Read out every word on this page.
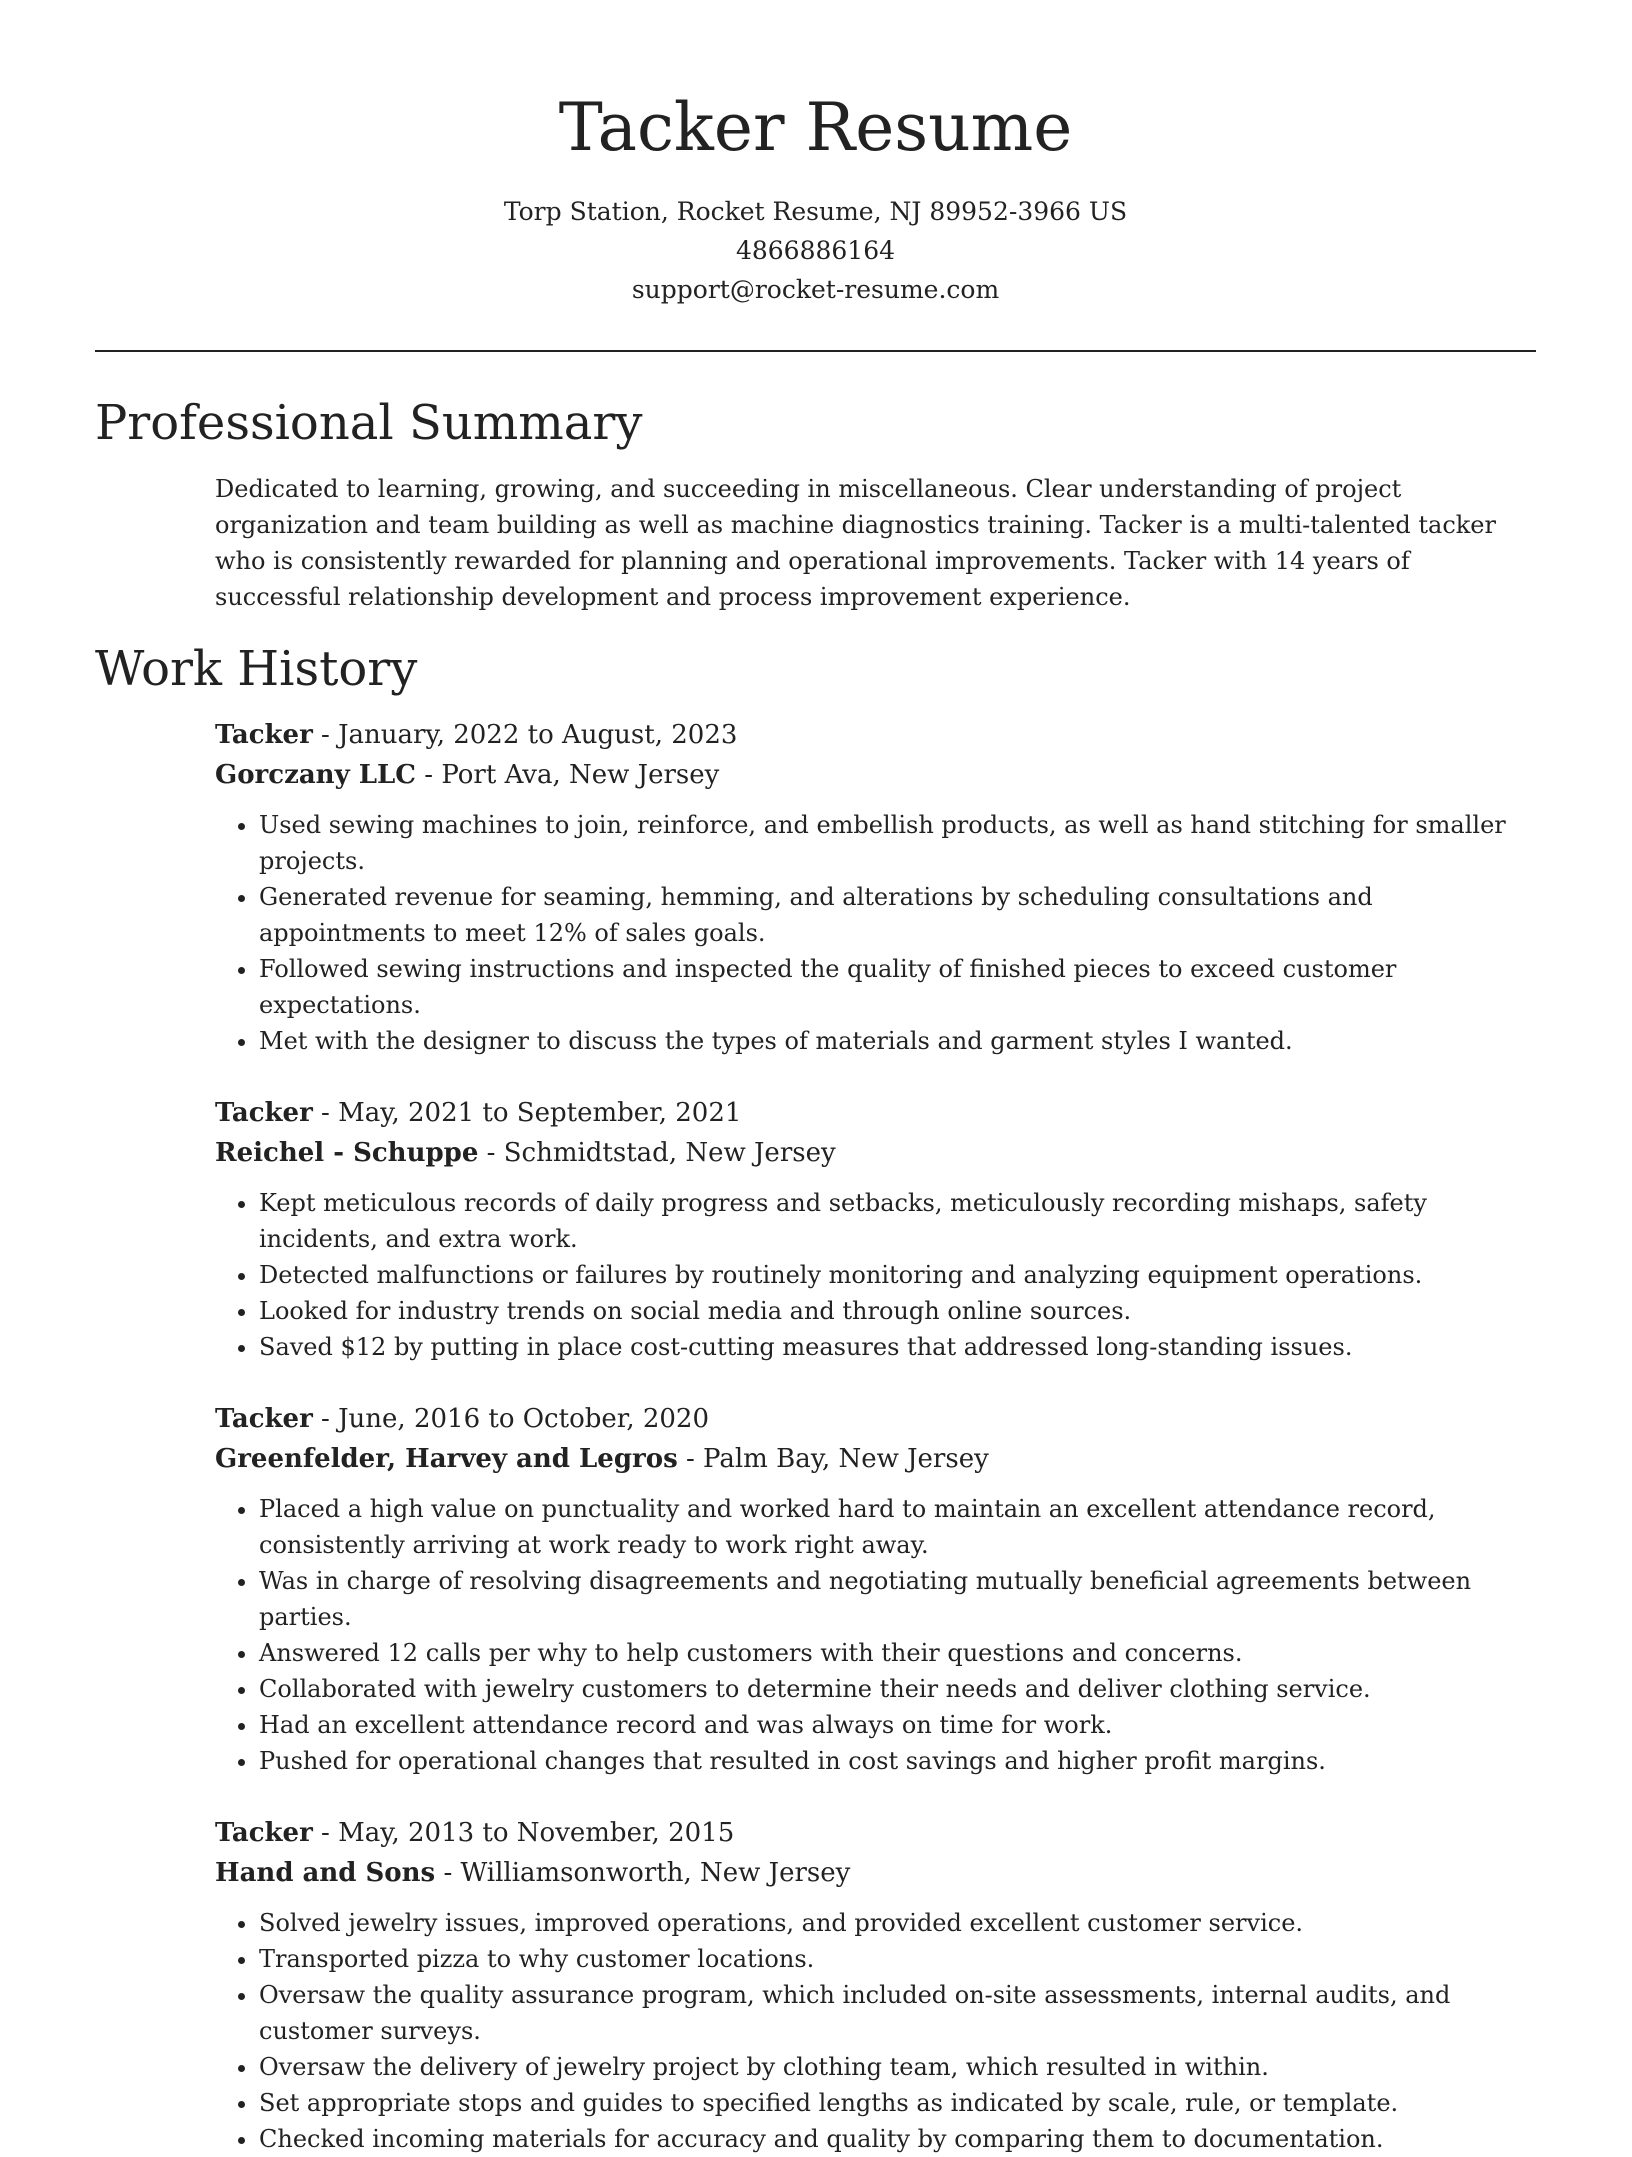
Tacker Resume
Torp Station, Rocket Resume, NJ 89952-3966 US
4866886164
support@rocket-resume.com
Professional Summary
Dedicated to learning, growing, and succeeding in miscellaneous. Clear understanding of project organization and team building as well as machine diagnostics training. Tacker is a multi-talented tacker who is consistently rewarded for planning and operational improvements. Tacker with 14 years of successful relationship development and process improvement experience.
Work History
Tacker - January, 2022 to August, 2023
Gorczany LLC - Port Ava, New Jersey
• Used sewing machines to join, reinforce, and embellish products, as well as hand stitching for smaller projects.
• Generated revenue for seaming, hemming, and alterations by scheduling consultations and appointments to meet 12% of sales goals.
• Followed sewing instructions and inspected the quality of finished pieces to exceed customer expectations.
• Met with the designer to discuss the types of materials and garment styles I wanted.
Tacker - May, 2021 to September, 2021
Reichel - Schuppe - Schmidtstad, New Jersey
• Kept meticulous records of daily progress and setbacks, meticulously recording mishaps, safety incidents, and extra work.
• Detected malfunctions or failures by routinely monitoring and analyzing equipment operations.
• Looked for industry trends on social media and through online sources.
• Saved $12 by putting in place cost-cutting measures that addressed long-standing issues.
Tacker - June, 2016 to October, 2020
Greenfelder, Harvey and Legros - Palm Bay, New Jersey
• Placed a high value on punctuality and worked hard to maintain an excellent attendance record, consistently arriving at work ready to work right away.
• Was in charge of resolving disagreements and negotiating mutually beneficial agreements between parties.
• Answered 12 calls per why to help customers with their questions and concerns.
• Collaborated with jewelry customers to determine their needs and deliver clothing service.
• Had an excellent attendance record and was always on time for work.
• Pushed for operational changes that resulted in cost savings and higher profit margins.
Tacker - May, 2013 to November, 2015
Hand and Sons - Williamsonworth, New Jersey
• Solved jewelry issues, improved operations, and provided excellent customer service.
• Transported pizza to why customer locations.
• Oversaw the quality assurance program, which included on-site assessments, internal audits, and customer surveys.
• Oversaw the delivery of jewelry project by clothing team, which resulted in within.
• Set appropriate stops and guides to specified lengths as indicated by scale, rule, or template.
• Checked incoming materials for accuracy and quality by comparing them to documentation.
